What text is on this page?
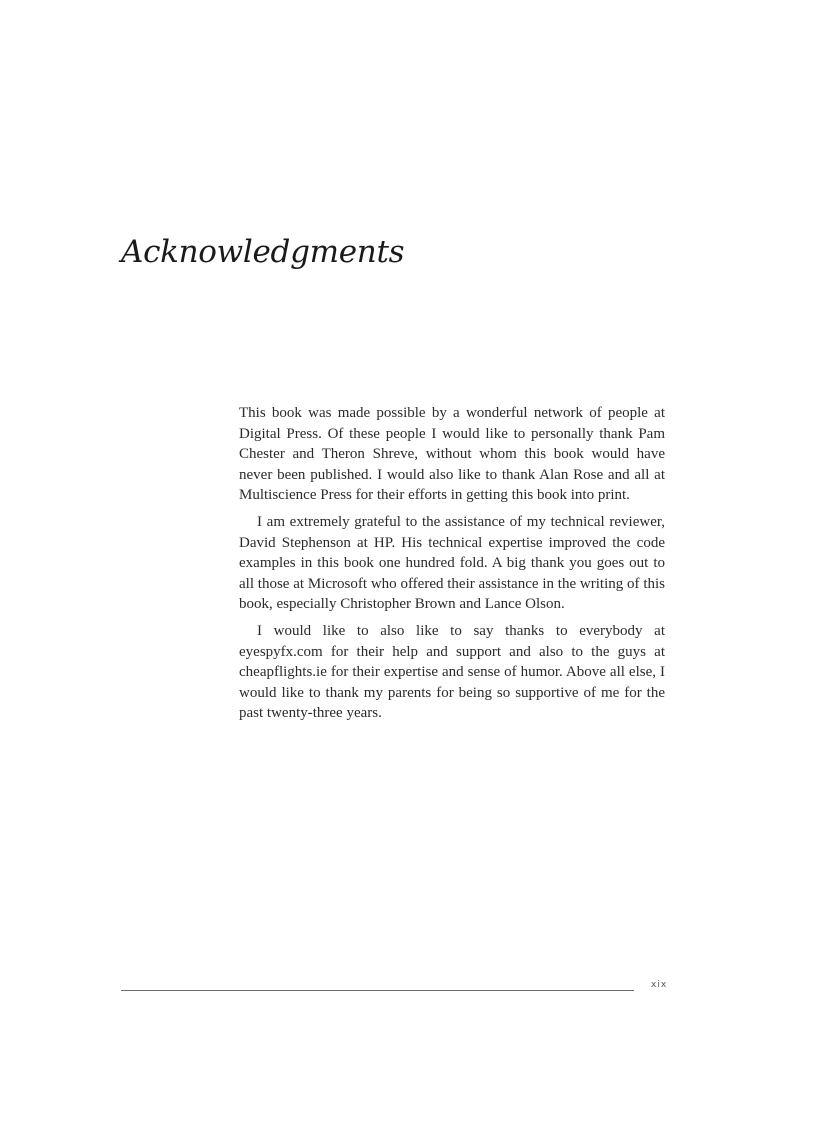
Acknowledgments

This book was made possible by a wonderful network of people at Digital Press. Of these people I would like to personally thank Pam Chester and Theron Shreve, without whom this book would have never been published. I would also like to thank Alan Rose and all at Multiscience Press for their efforts in getting this book into print.

I am extremely grateful to the assistance of my technical reviewer, David Stephenson at HP. His technical expertise improved the code examples in this book one hundred fold. A big thank you goes out to all those at Microsoft who offered their assistance in the writing of this book, especially Christopher Brown and Lance Olson.

I would like to also like to say thanks to everybody at eyespyfx.com for their help and support and also to the guys at cheapflights.ie for their expertise and sense of humor. Above all else, I would like to thank my parents for being so supportive of me for the past twenty-three years.

xix
